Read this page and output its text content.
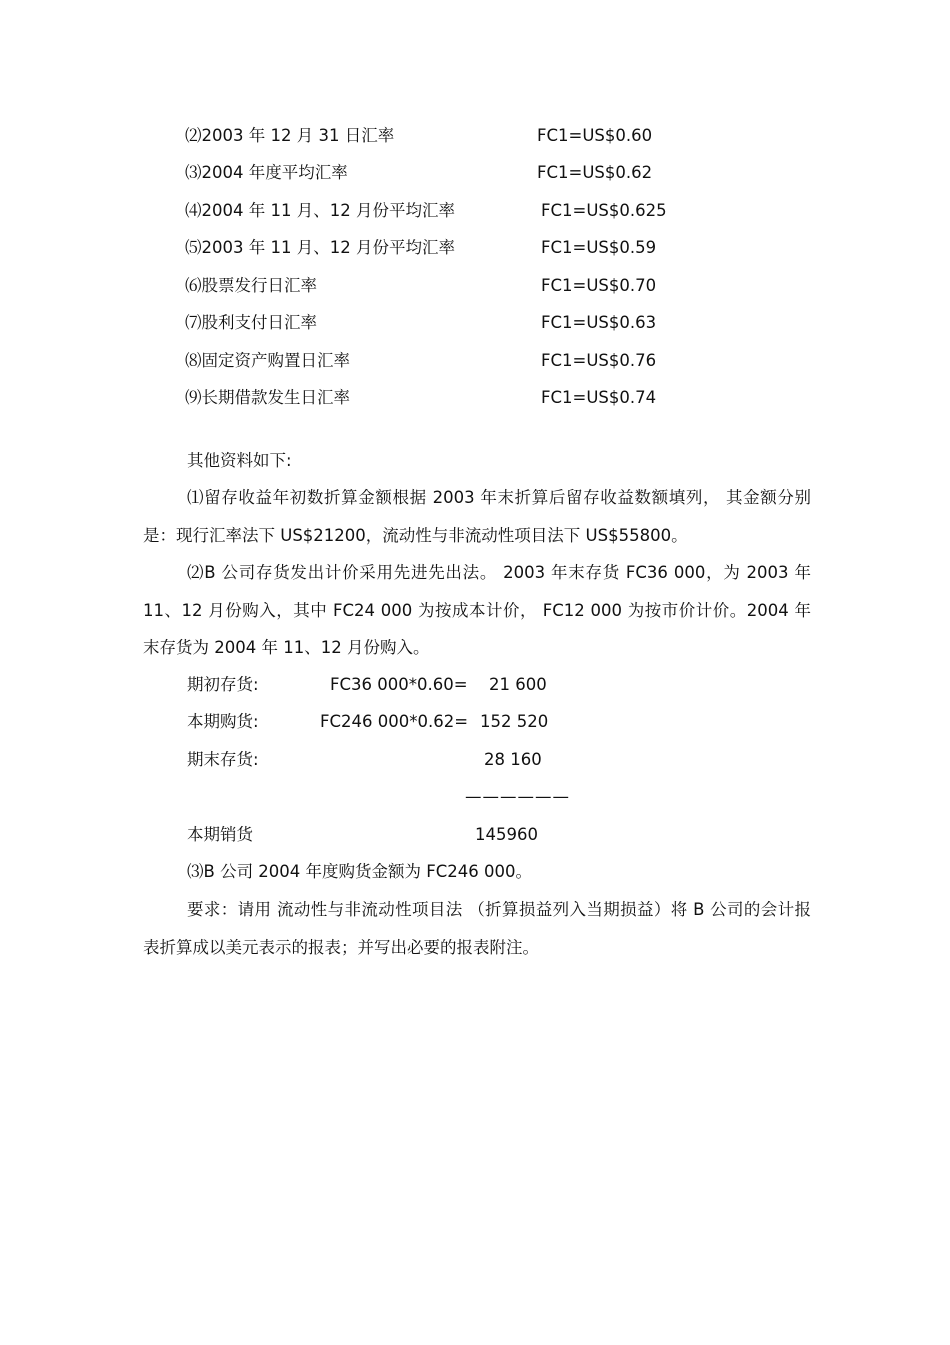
⑵2003 年 12 月 31 日汇率	FC1=US$0.60
⑶2004 年度平均汇率	FC1=US$0.62
⑷2004 年 11 月、12 月份平均汇率	FC1=US$0.625
⑸2003 年 11 月、12 月份平均汇率	FC1=US$0.59
⑹股票发行日汇率	FC1=US$0.70
⑺股利支付日汇率	FC1=US$0.63
⑻固定资产购置日汇率	FC1=US$0.76
⑼长期借款发生日汇率	FC1=US$0.74
其他资料如下:
⑴留存收益年初数折算金额根据 2003 年末折算后留存收益数额填列， 其金额分别是：现行汇率法下 US$21200，流动性与非流动性项目法下 US$55800。
⑵B 公司存货发出计价采用先进先出法。 2003 年末存货 FC36 000，为 2003 年 11、12 月份购入，其中 FC24 000 为按成本计价， FC12 000 为按市价计价。2004 年末存货为 2004 年 11、12 月份购入。
期初存货:	FC36 000*0.60= 21 600
本期购货:	FC246 000*0.62= 152 520
期末存货:	28 160
——————
本期销货	145960
⑶B 公司 2004 年度购货金额为 FC246 000。
要求：请用 流动性与非流动性项目法 （折算损益列入当期损益）将 B 公司的会计报表折算成以美元表示的报表；并写出必要的报表附注。
